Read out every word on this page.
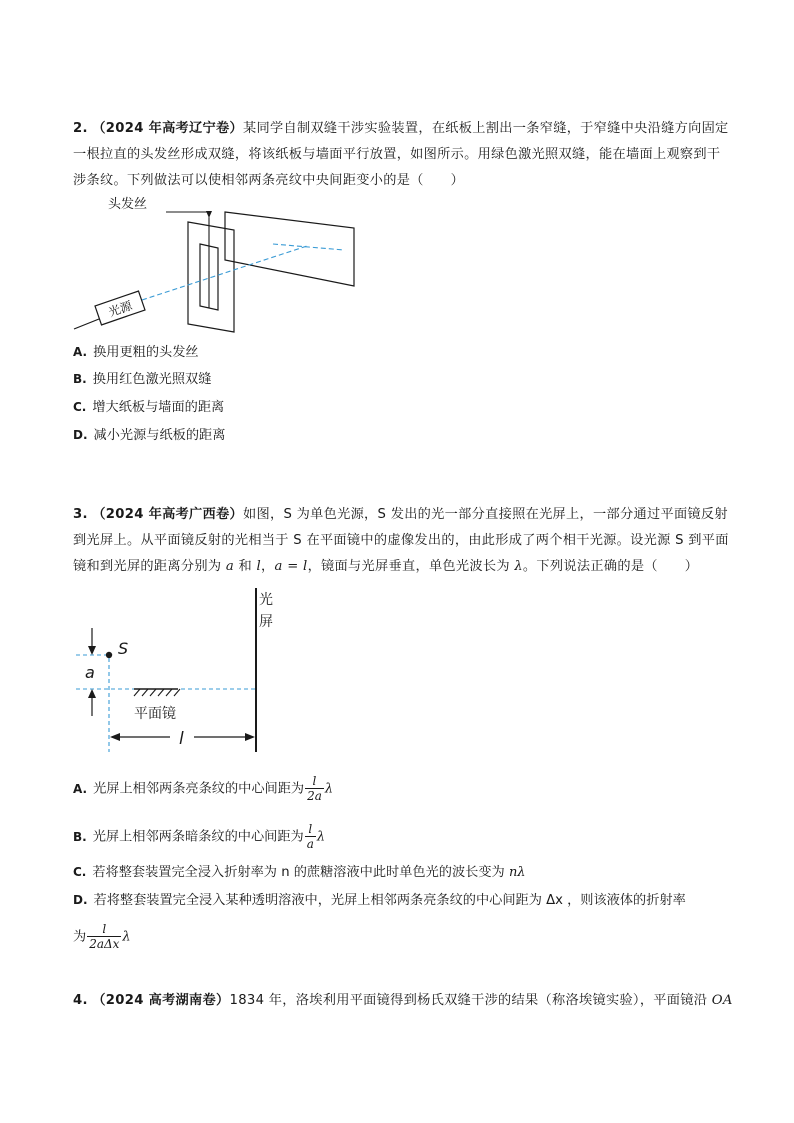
2. （2024 年高考辽宁卷）某同学自制双缝干涉实验装置，在纸板上割出一条窄缝，于窄缝中央沿缝方向固定一根拉直的头发丝形成双缝，将该纸板与墙面平行放置，如图所示。用绿色激光照双缝，能在墙面上观察到干涉条纹。下列做法可以使相邻两条亮纹中央间距变小的是（　　）
光源
头发丝
A. 换用更粗的头发丝
B. 换用红色激光照双缝
C. 增大纸板与墙面的距离
D. 减小光源与纸板的距离
3. （2024 年高考广西卷）如图，S 为单色光源，S 发出的光一部分直接照在光屏上，一部分通过平面镜反射到光屏上。从平面镜反射的光相当于 S 在平面镜中的虚像发出的，由此形成了两个相干光源。设光源 S 到平面镜和到光屏的距离分别为 a 和 l，a = l，镜面与光屏垂直，单色光波长为 λ。下列说法正确的是（　　）
光
屏
S
a
平面镜
l
A. 光屏上相邻两条亮条纹的中心间距为 $\frac{l}{2a}$ λ
B. 光屏上相邻两条暗条纹的中心间距为 $\frac{l}{a}$ λ
C. 若将整套装置完全浸入折射率为 n 的蔗糖溶液中此时单色光的波长变为 nλ
D. 若将整套装置完全浸入某种透明溶液中，光屏上相邻两条亮条纹的中心间距为 Δx ，则该液体的折射率
为 $\frac{l}{\text{2aΔx}}$ λ
4. （2024 高考湖南卷）1834 年，洛埃利用平面镜得到杨氏双缝干涉的结果（称洛埃镜实验），平面镜沿 OA
